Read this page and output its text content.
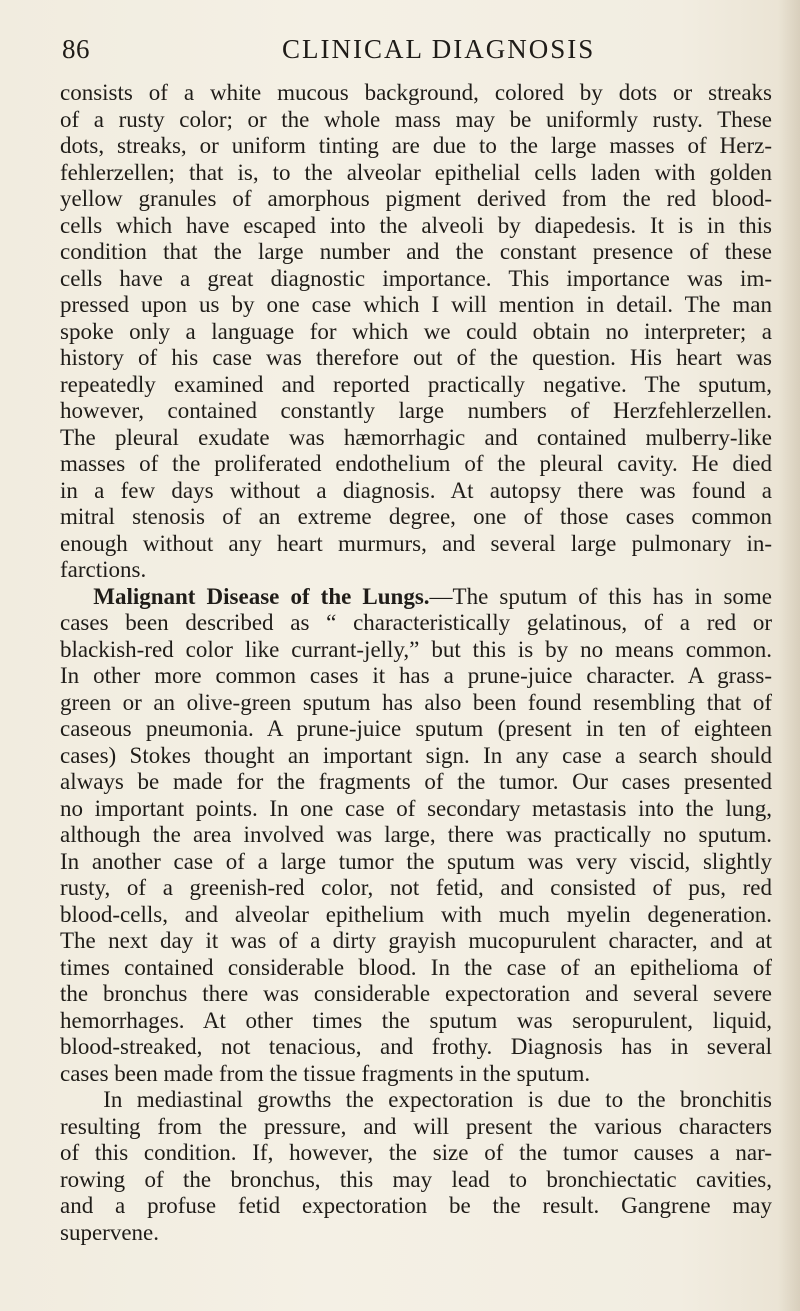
86	CLINICAL DIAGNOSIS
consists of a white mucous background, colored by dots or streaks
of a rusty color; or the whole mass may be uniformly rusty. These
dots, streaks, or uniform tinting are due to the large masses of Herz-
fehlerzellen; that is, to the alveolar epithelial cells laden with golden
yellow granules of amorphous pigment derived from the red blood-
cells which have escaped into the alveoli by diapedesis. It is in this
condition that the large number and the constant presence of these
cells have a great diagnostic importance. This importance was im-
pressed upon us by one case which I will mention in detail. The man
spoke only a language for which we could obtain no interpreter; a
history of his case was therefore out of the question. His heart was
repeatedly examined and reported practically negative. The sputum,
however, contained constantly large numbers of Herzfehlerzellen.
The pleural exudate was hæmorrhagic and contained mulberry-like
masses of the proliferated endothelium of the pleural cavity. He died
in a few days without a diagnosis. At autopsy there was found a
mitral stenosis of an extreme degree, one of those cases common
enough without any heart murmurs, and several large pulmonary in-
farctions.
Malignant Disease of the Lungs.—The sputum of this has in some
cases been described as “ characteristically gelatinous, of a red or
blackish-red color like currant-jelly,” but this is by no means common.
In other more common cases it has a prune-juice character. A grass-
green or an olive-green sputum has also been found resembling that of
caseous pneumonia. A prune-juice sputum (present in ten of eighteen
cases) Stokes thought an important sign. In any case a search should
always be made for the fragments of the tumor. Our cases presented
no important points. In one case of secondary metastasis into the lung,
although the area involved was large, there was practically no sputum.
In another case of a large tumor the sputum was very viscid, slightly
rusty, of a greenish-red color, not fetid, and consisted of pus, red
blood-cells, and alveolar epithelium with much myelin degeneration.
The next day it was of a dirty grayish mucopurulent character, and at
times contained considerable blood. In the case of an epithelioma of
the bronchus there was considerable expectoration and several severe
hemorrhages. At other times the sputum was seropurulent, liquid,
blood-streaked, not tenacious, and frothy. Diagnosis has in several
cases been made from the tissue fragments in the sputum.
In mediastinal growths the expectoration is due to the bronchitis
resulting from the pressure, and will present the various characters
of this condition. If, however, the size of the tumor causes a nar-
rowing of the bronchus, this may lead to bronchiectatic cavities,
and a profuse fetid expectoration be the result. Gangrene may
supervene.
